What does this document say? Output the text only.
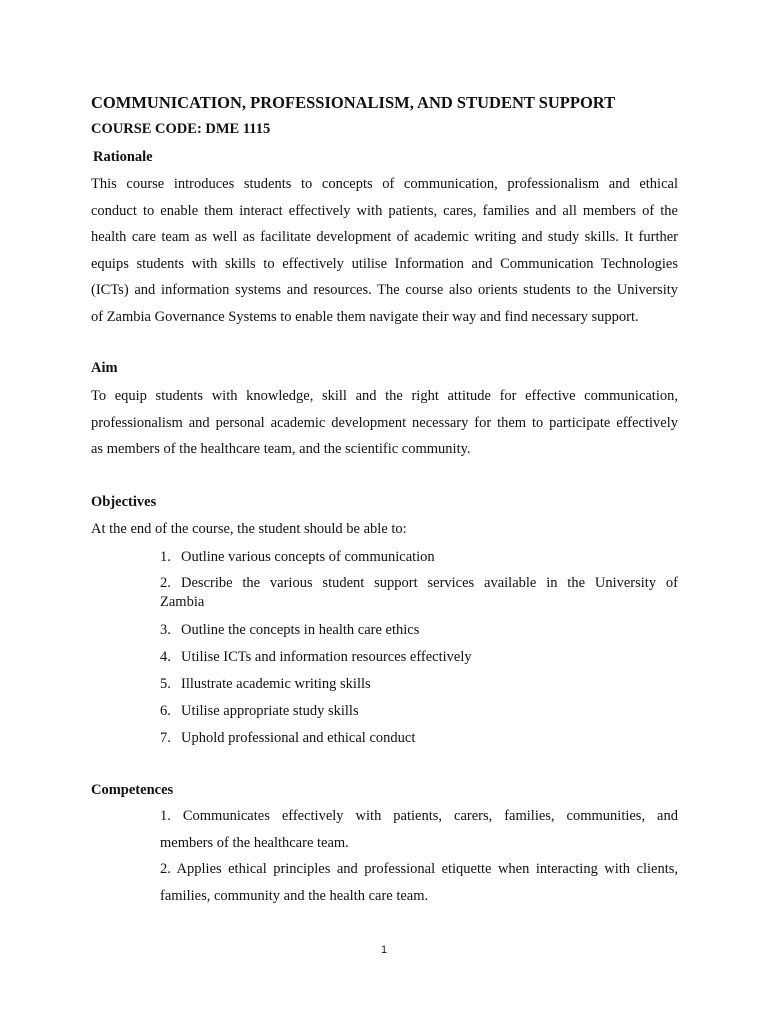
COMMUNICATION, PROFESSIONALISM, AND STUDENT SUPPORT
COURSE CODE: DME 1115
Rationale
This course introduces students to concepts of communication, professionalism and ethical
conduct to enable them interact effectively with patients, cares, families and all members of the
health care team as well as facilitate development of academic writing and study skills. It further
equips students with skills to effectively utilise Information and Communication Technologies
(ICTs) and information systems and resources. The course also orients students to the University
of Zambia Governance Systems to enable them navigate their way and find necessary support.
Aim
To equip students with knowledge, skill and the right attitude for effective communication,
professionalism and personal academic development necessary for them to participate effectively
as members of the healthcare team, and the scientific community.
Objectives
At the end of the course, the student should be able to:
1. Outline various concepts of communication
2. Describe the various student support services available in the University of
Zambia
3. Outline the concepts in health care ethics
4. Utilise ICTs and information resources effectively
5. Illustrate academic writing skills
6. Utilise appropriate study skills
7. Uphold professional and ethical conduct
Competences
1. Communicates effectively with patients, carers, families, communities, and
members of the healthcare team.
2. Applies ethical principles and professional etiquette when interacting with clients,
families, community and the health care team.
1
